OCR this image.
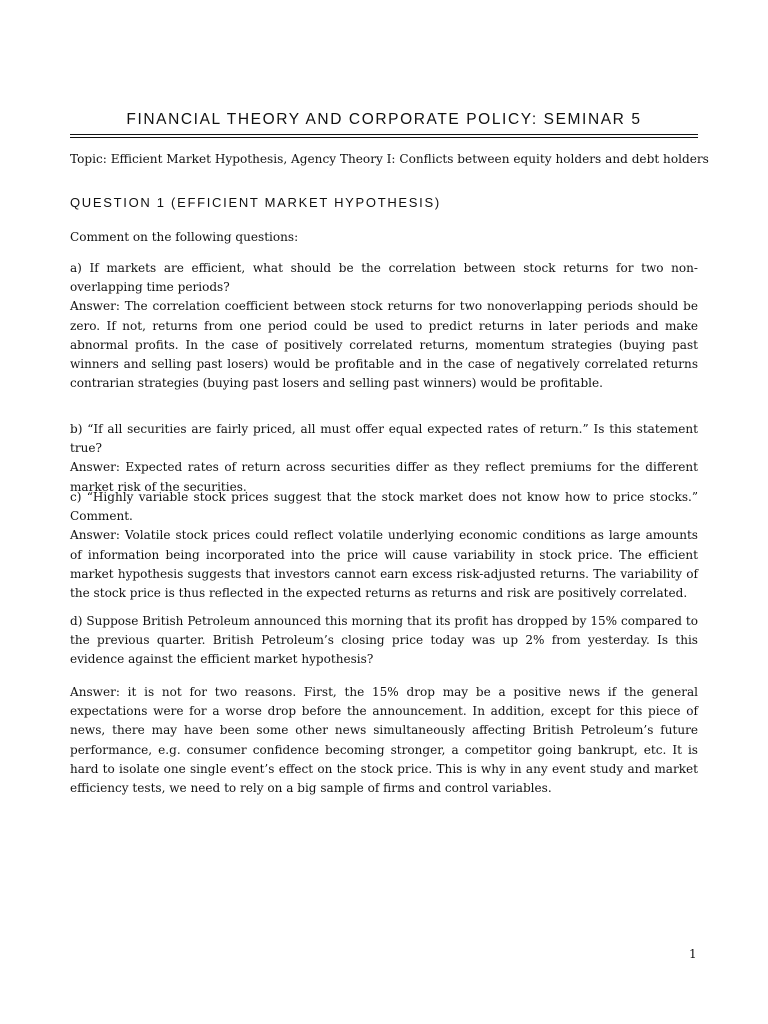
FINANCIAL THEORY AND CORPORATE POLICY: SEMINAR 5
Topic: Efficient Market Hypothesis, Agency Theory I: Conflicts between equity holders and debt holders
QUESTION 1 (EFFICIENT MARKET HYPOTHESIS)

Comment on the following questions:

a) If markets are efficient, what should be the correlation between stock returns for two non-overlapping time periods?

Answer: The correlation coefficient between stock returns for two nonoverlapping periods should be zero. If not, returns from one period could be used to predict returns in later periods and make abnormal profits. In the case of positively correlated returns, momentum strategies (buying past winners and selling past losers) would be profitable and in the case of negatively correlated returns contrarian strategies (buying past losers and selling past winners) would be profitable.

b) “If all securities are fairly priced, all must offer equal expected rates of return.” Is this statement true?

Answer: Expected rates of return across securities differ as they reflect premiums for the different market risk of the securities.

c) “Highly variable stock prices suggest that the stock market does not know how to price stocks.” Comment.

Answer: Volatile stock prices could reflect volatile underlying economic conditions as large amounts of information being incorporated into the price will cause variability in stock price. The efficient market hypothesis suggests that investors cannot earn excess risk-adjusted returns. The variability of the stock price is thus reflected in the expected returns as returns and risk are positively correlated.

d) Suppose British Petroleum announced this morning that its profit has dropped by 15% compared to the previous quarter. British Petroleum’s closing price today was up 2% from yesterday. Is this evidence against the efficient market hypothesis?

Answer: it is not for two reasons. First, the 15% drop may be a positive news if the general expectations were for a worse drop before the announcement. In addition, except for this piece of news, there may have been some other news simultaneously affecting British Petroleum’s future performance, e.g. consumer confidence becoming stronger, a competitor going bankrupt, etc. It is hard to isolate one single event’s effect on the stock price. This is why in any event study and market efficiency tests, we need to rely on a big sample of firms and control variables.

1
